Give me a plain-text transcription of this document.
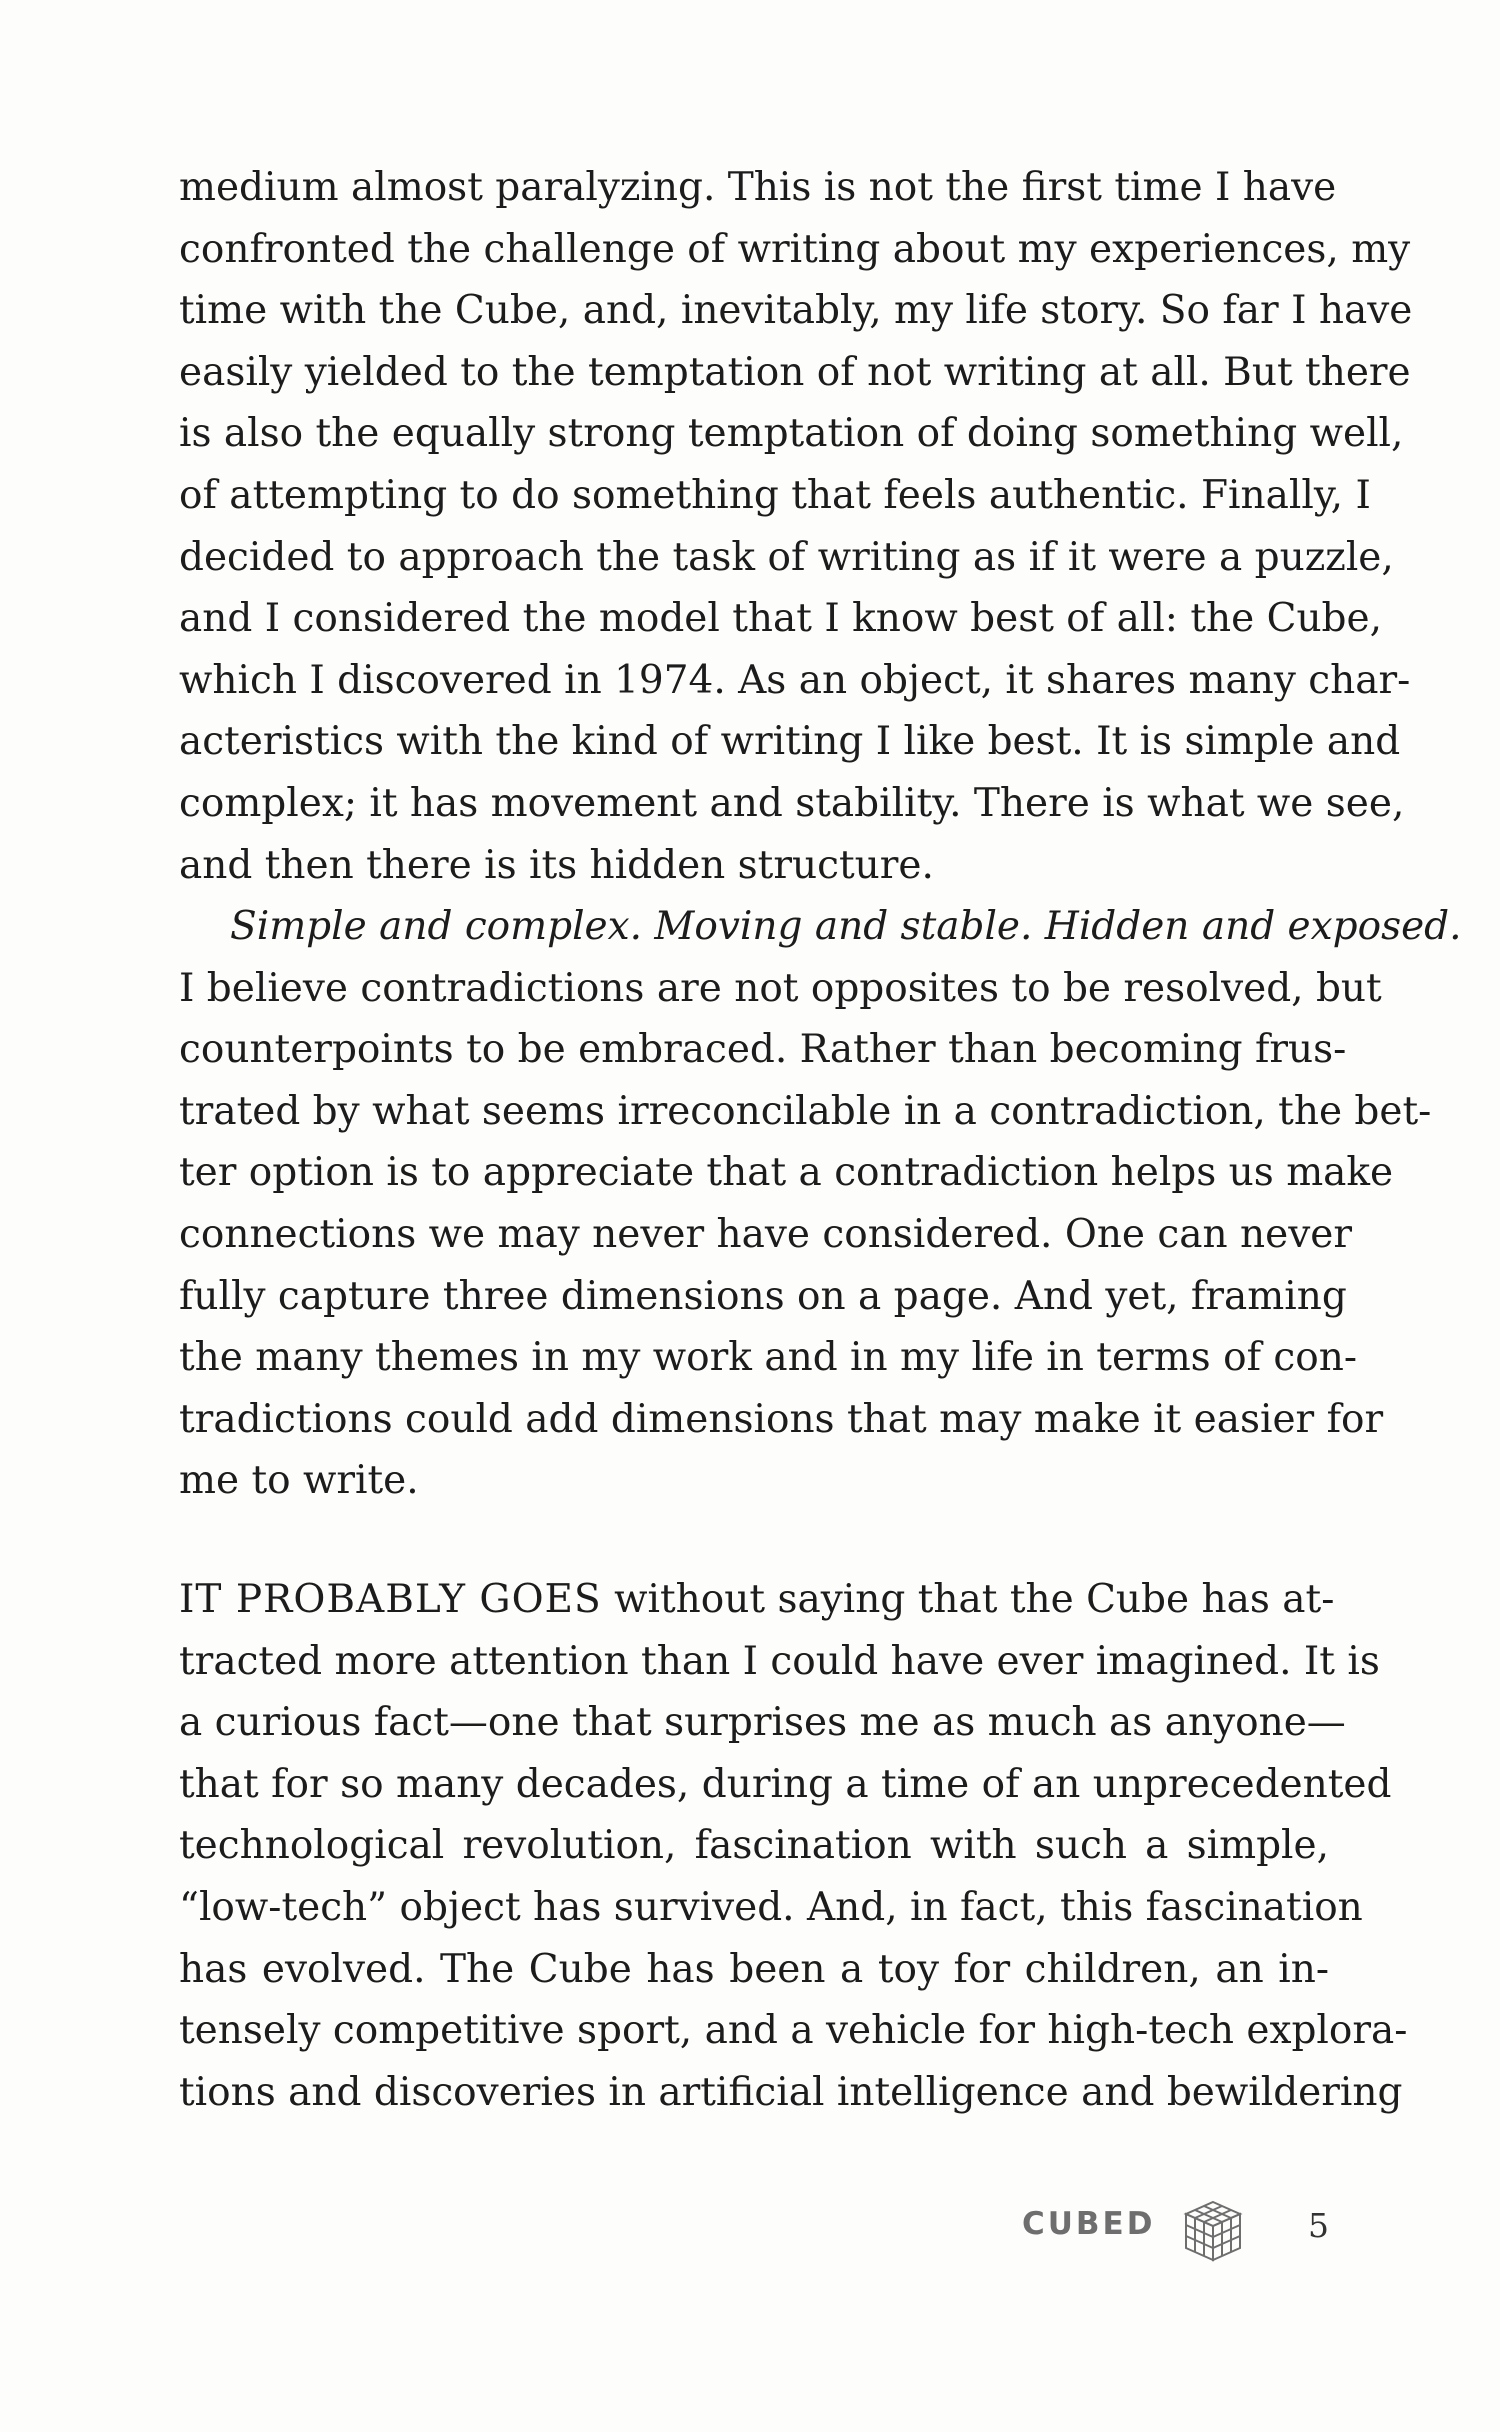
medium almost paralyzing. This is not the first time I have
confronted the challenge of writing about my experiences, my
time with the Cube, and, inevitably, my life story. So far I have
easily yielded to the temptation of not writing at all. But there
is also the equally strong temptation of doing something well,
of attempting to do something that feels authentic. Finally, I
decided to approach the task of writing as if it were a puzzle,
and I considered the model that I know best of all: the Cube,
which I discovered in 1974. As an object, it shares many char-
acteristics with the kind of writing I like best. It is simple and
complex; it has movement and stability. There is what we see,
and then there is its hidden structure.
Simple and complex. Moving and stable. Hidden and exposed.
I believe contradictions are not opposites to be resolved, but
counterpoints to be embraced. Rather than becoming frus-
trated by what seems irreconcilable in a contradiction, the bet-
ter option is to appreciate that a contradiction helps us make
connections we may never have considered. One can never
fully capture three dimensions on a page. And yet, framing
the many themes in my work and in my life in terms of con-
tradictions could add dimensions that may make it easier for
me to write.
IT PROBABLY GOES without saying that the Cube has at-
tracted more attention than I could have ever imagined. It is
a curious fact—one that surprises me as much as anyone—
that for so many decades, during a time of an unprecedented
technological revolution, fascination with such a simple,
“low-tech” object has survived. And, in fact, this fascination
has evolved. The Cube has been a toy for children, an in-
tensely competitive sport, and a vehicle for high-tech explora-
tions and discoveries in artificial intelligence and bewildering
CUBED	5
